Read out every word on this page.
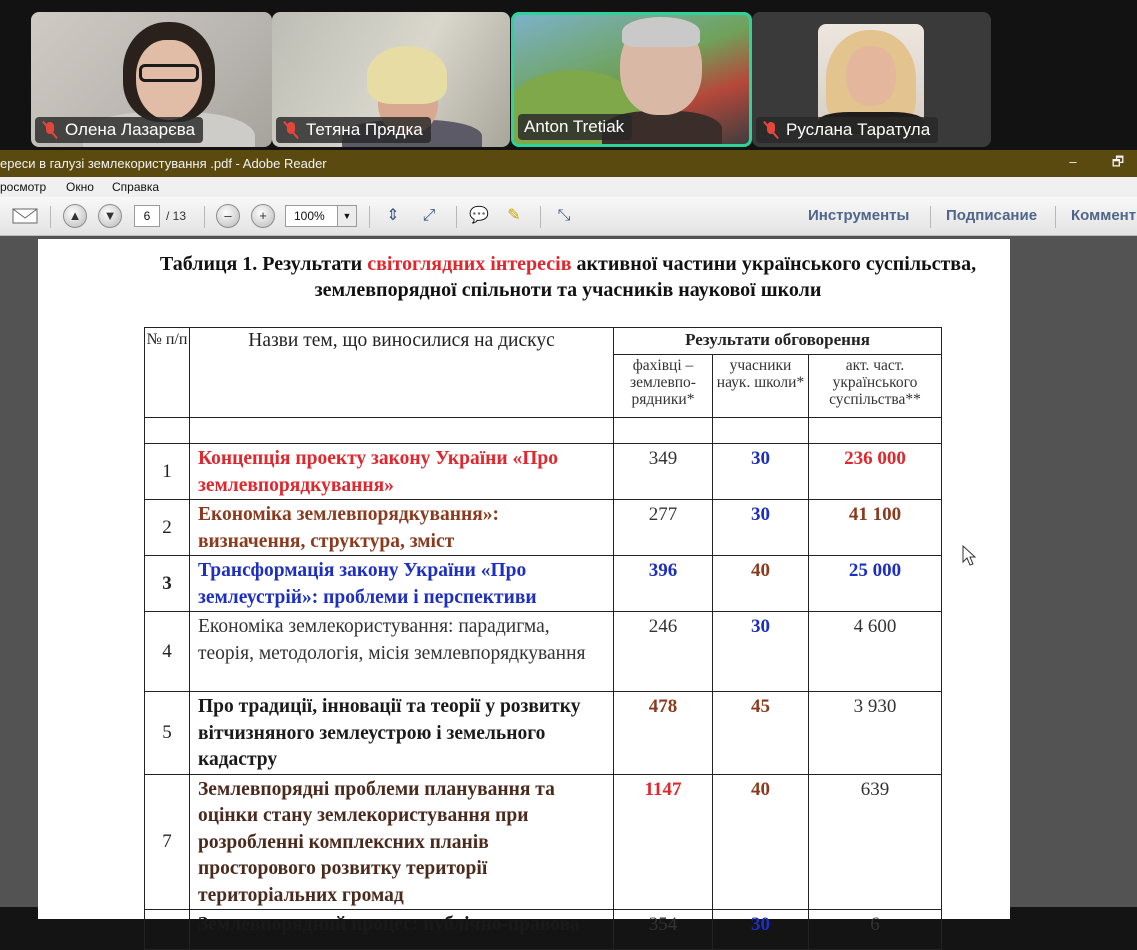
Олена Лазарєва	Тетяна Прядка	Anton Tretiak	Руслана Таратула
ереси в галузі землекористування .pdf - Adobe Reader	–	🗗
росмотр Окно Справка
▲	▼	6	/ 13	–	+	100%	▼ ⇕ ⤢ 💬 ✎ ⤡	Инструменты Подписание Коммент
Таблиця 1. Результати світоглядних інтересів активної частини українського суспільства, землевпорядної спільноти та учасників наукової школи
№ п/п	Назви тем, що виносилися на дискус	Результати обговорення		
		фахівці – землевпо- рядники*	учасники наук. школи*	акт. част. українського суспільства**

1	Концепція проекту закону України «Про землевпорядкування»	349	30	236 000
2	Економіка землевпорядкування»: визначення, структура, зміст	277	30	41 100
3	Трансформація закону України «Про землеустрій»: проблеми і перспективи	396	40	25 000
4	Економіка землекористування: парадигма, теорія, методологія, місія землевпорядкування	246	30	4 600
5	Про традиції, інновації та теорії у розвитку вітчизняного землеустрою і земельного кадастру	478	45	3 930
7	Землевпорядні проблеми планування та оцінки стану землекористування при розробленні комплексних планів просторового розвитку території територіальних громад	1147	40	639
	Землевпорядний процес: публічно-правова	354	30	6
